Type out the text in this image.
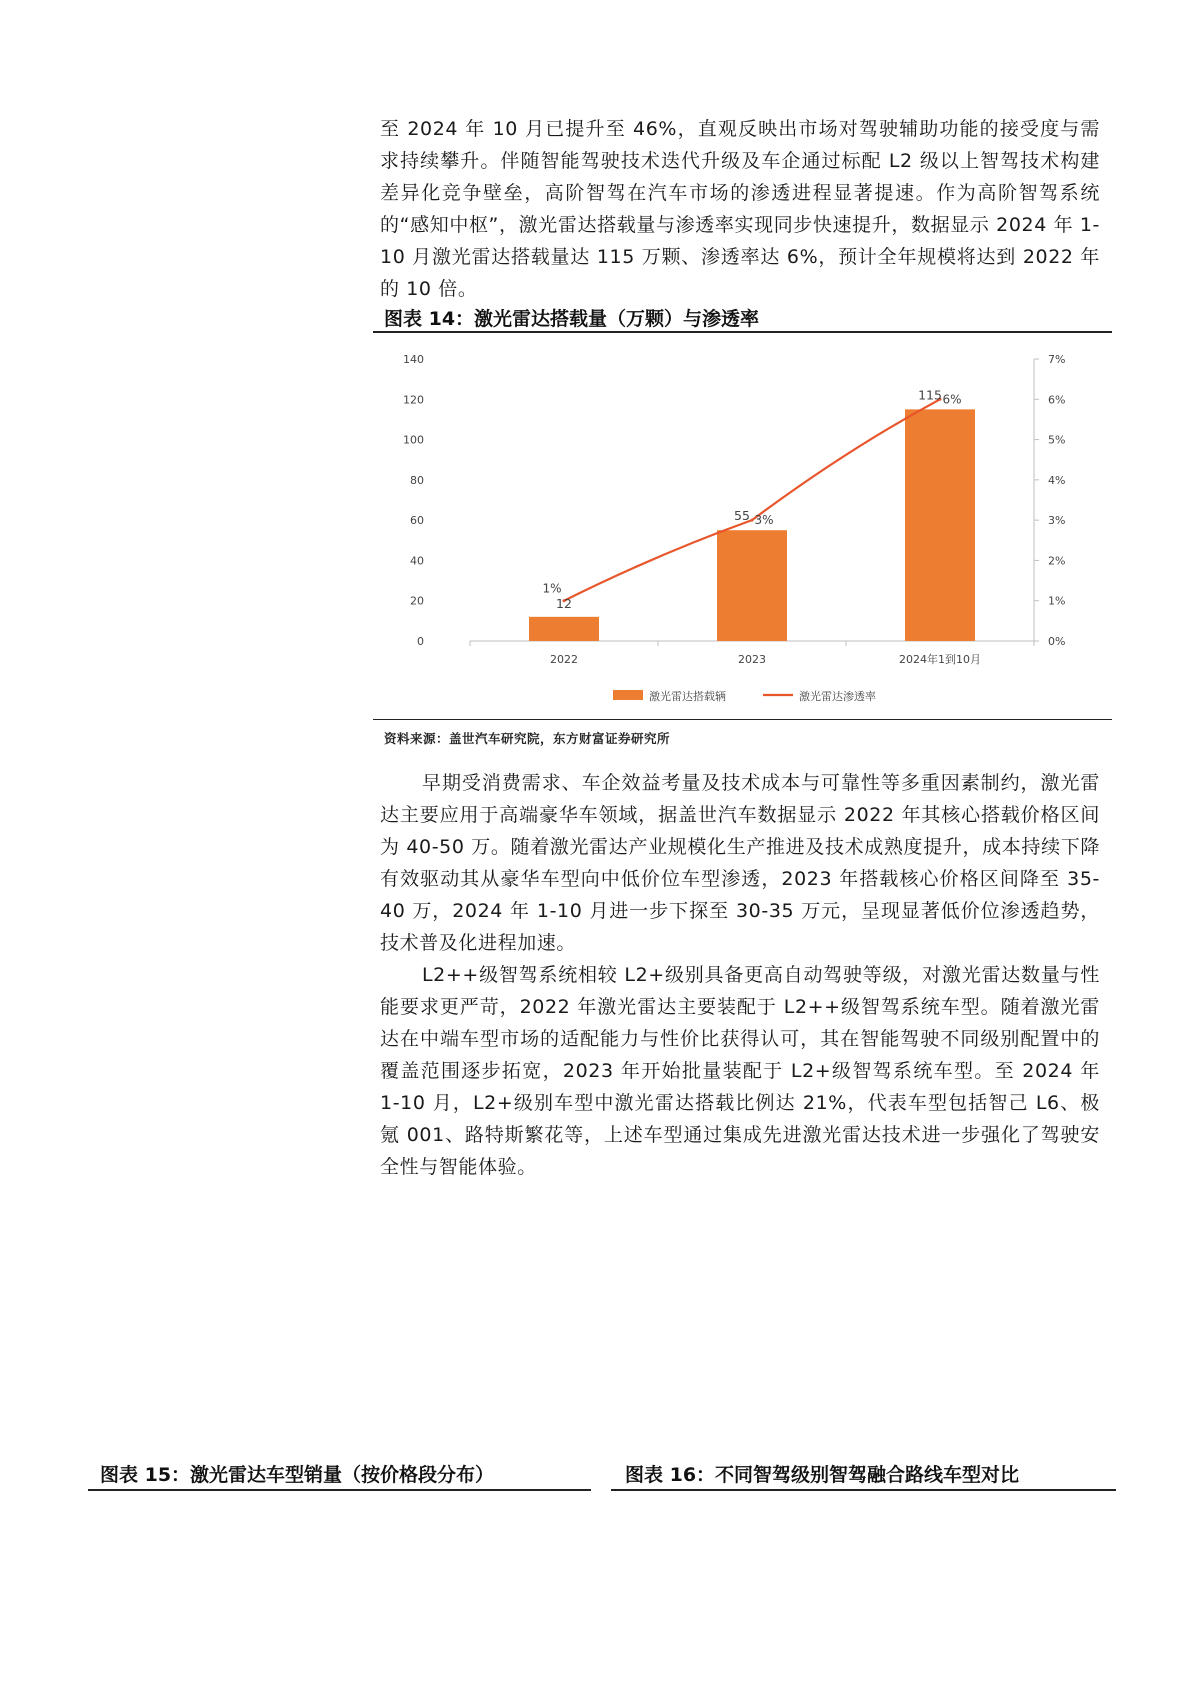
至 2024 年 10 月已提升至 46%，直观反映出市场对驾驶辅助功能的接受度与需求持续攀升。伴随智能驾驶技术迭代升级及车企通过标配 L2 级以上智驾技术构建差异化竞争壁垒，高阶智驾在汽车市场的渗透进程显著提速。作为高阶智驾系统的“感知中枢”，激光雷达搭载量与渗透率实现同步快速提升，数据显示 2024 年 1-10 月激光雷达搭载量达 115 万颗、渗透率达 6%，预计全年规模将达到 2022 年的 10 倍。
图表 14：激光雷达搭载量（万颗）与渗透率
0
20
40
60
80
100
120
140
0%
1%
2%
3%
4%
5%
6%
7%
2022	2023	2024年1到10月
12
55
115
1%
3%
6%
激光雷达搭载辆	激光雷达渗透率
资料来源：盖世汽车研究院，东方财富证券研究所
早期受消费需求、车企效益考量及技术成本与可靠性等多重因素制约，激光雷达主要应用于高端豪华车领域，据盖世汽车数据显示 2022 年其核心搭载价格区间为 40-50 万。随着激光雷达产业规模化生产推进及技术成熟度提升，成本持续下降有效驱动其从豪华车型向中低价位车型渗透，2023 年搭载核心价格区间降至 35-40 万，2024 年 1-10 月进一步下探至 30-35 万元，呈现显著低价位渗透趋势，技术普及化进程加速。
L2++级智驾系统相较 L2+级别具备更高自动驾驶等级，对激光雷达数量与性能要求更严苛，2022 年激光雷达主要装配于 L2++级智驾系统车型。随着激光雷达在中端车型市场的适配能力与性价比获得认可，其在智能驾驶不同级别配置中的覆盖范围逐步拓宽，2023 年开始批量装配于 L2+级智驾系统车型。至 2024 年 1-10 月，L2+级别车型中激光雷达搭载比例达 21%，代表车型包括智己 L6、极氪 001、路特斯繁花等，上述车型通过集成先进激光雷达技术进一步强化了驾驶安全性与智能体验。
图表 15：激光雷达车型销量（按价格段分布）	图表 16：不同智驾级别智驾融合路线车型对比
